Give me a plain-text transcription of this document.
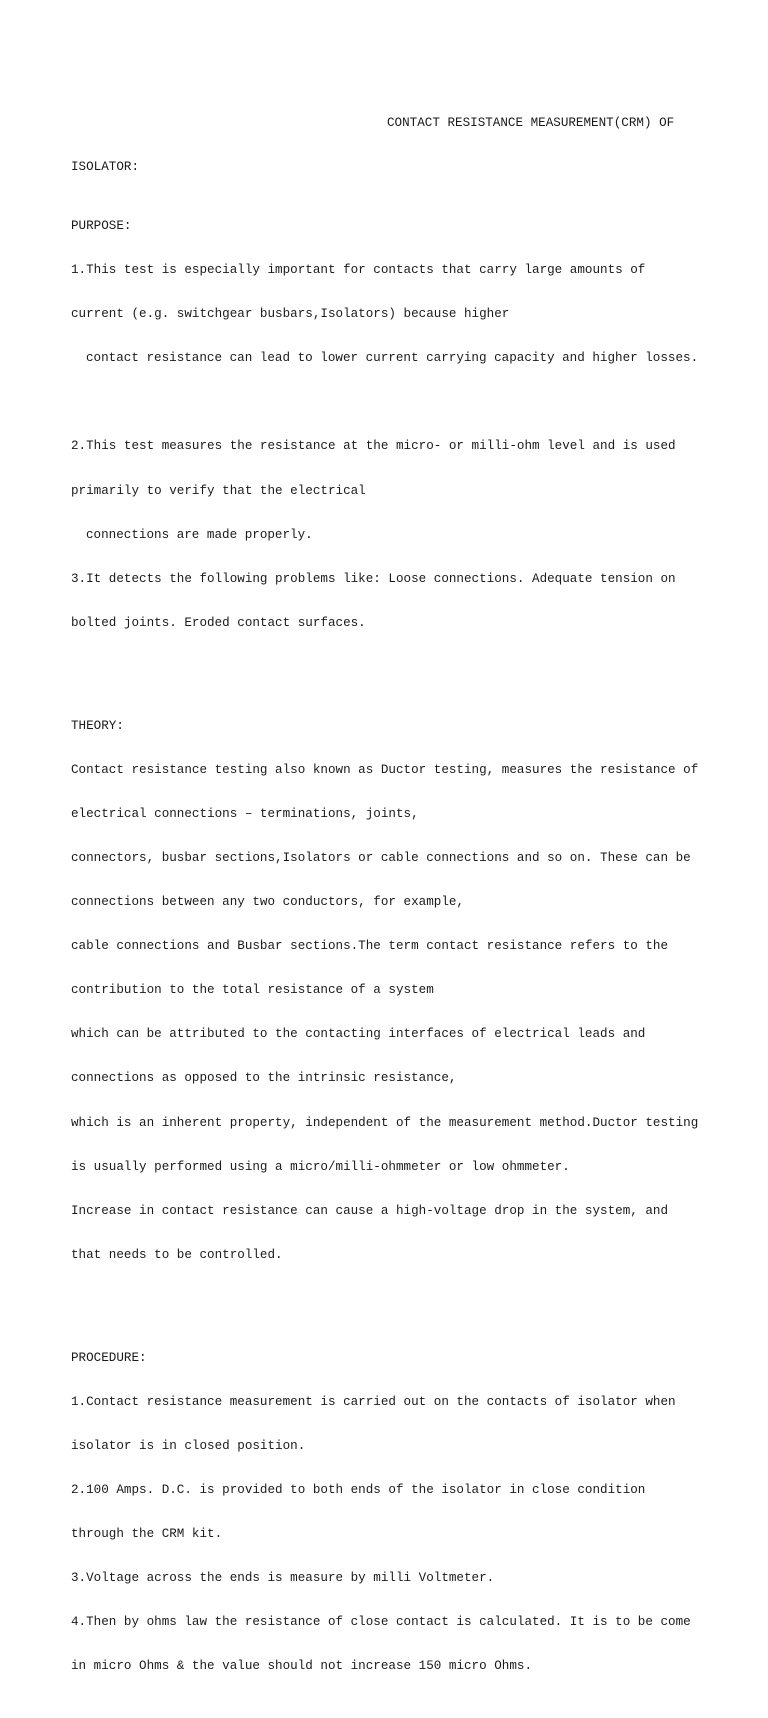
CONTACT RESISTANCE MEASUREMENT(CRM) OF

ISOLATOR:

PURPOSE:

1.This test is especially important for contacts that carry large amounts of

current (e.g. switchgear busbars,Isolators) because higher

contact resistance can lead to lower current carrying capacity and higher losses.

2.This test measures the resistance at the micro- or milli-ohm level and is used

primarily to verify that the electrical

connections are made properly.

3.It detects the following problems like: Loose connections. Adequate tension on

bolted joints. Eroded contact surfaces.

THEORY:

Contact resistance testing also known as Ductor testing, measures the resistance of

electrical connections – terminations, joints,

connectors, busbar sections,Isolators or cable connections and so on. These can be

connections between any two conductors, for example,

cable connections and Busbar sections.The term contact resistance refers to the

contribution to the total resistance of a system

which can be attributed to the contacting interfaces of electrical leads and

connections as opposed to the intrinsic resistance,

which is an inherent property, independent of the measurement method.Ductor testing

is usually performed using a micro/milli-ohmmeter or low ohmmeter.

Increase in contact resistance can cause a high-voltage drop in the system, and

that needs to be controlled.

PROCEDURE:

1.Contact resistance measurement is carried out on the contacts of isolator when

isolator is in closed position.

2.100 Amps. D.C. is provided to both ends of the isolator in close condition

through the CRM kit.

3.Voltage across the ends is measure by milli Voltmeter.

4.Then by ohms law the resistance of close contact is calculated. It is to be come

in micro Ohms & the value should not increase 150 micro Ohms.
